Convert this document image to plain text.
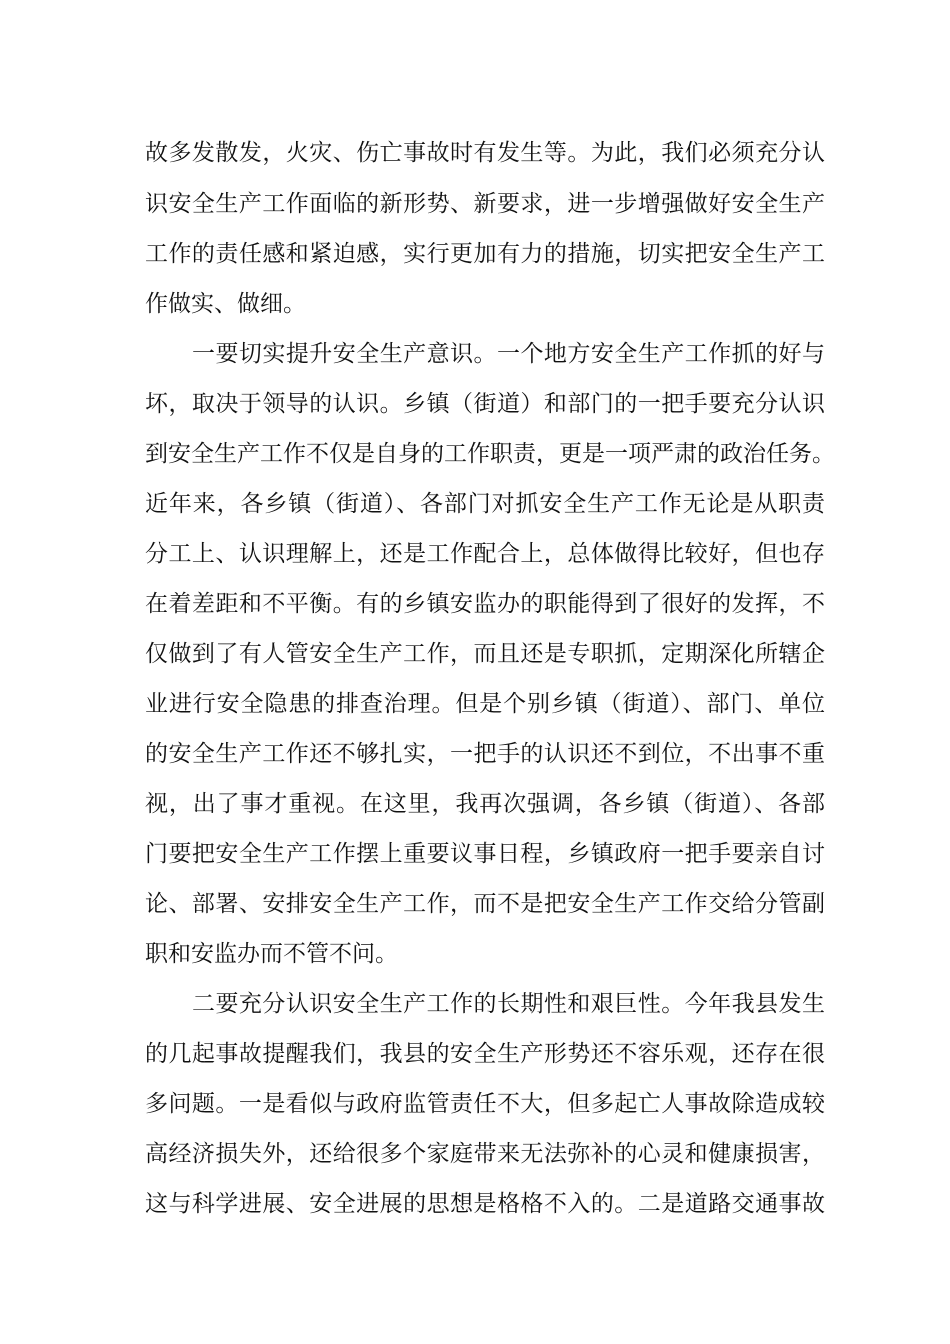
故多发散发，火灾、伤亡事故时有发生等。为此，我们必须充分认
识安全生产工作面临的新形势、新要求，进一步增强做好安全生产
工作的责任感和紧迫感，实行更加有力的措施，切实把安全生产工
作做实、做细。
一要切实提升安全生产意识。一个地方安全生产工作抓的好与
坏，取决于领导的认识。乡镇（街道）和部门的一把手要充分认识
到安全生产工作不仅是自身的工作职责，更是一项严肃的政治任务。
近年来，各乡镇（街道）、各部门对抓安全生产工作无论是从职责
分工上、认识理解上，还是工作配合上，总体做得比较好，但也存
在着差距和不平衡。有的乡镇安监办的职能得到了很好的发挥，不
仅做到了有人管安全生产工作，而且还是专职抓，定期深化所辖企
业进行安全隐患的排查治理。但是个别乡镇（街道）、部门、单位
的安全生产工作还不够扎实，一把手的认识还不到位，不出事不重
视，出了事才重视。在这里，我再次强调，各乡镇（街道）、各部
门要把安全生产工作摆上重要议事日程，乡镇政府一把手要亲自讨
论、部署、安排安全生产工作，而不是把安全生产工作交给分管副
职和安监办而不管不问。
二要充分认识安全生产工作的长期性和艰巨性。今年我县发生
的几起事故提醒我们，我县的安全生产形势还不容乐观，还存在很
多问题。一是看似与政府监管责任不大，但多起亡人事故除造成较
高经济损失外，还给很多个家庭带来无法弥补的心灵和健康损害，
这与科学进展、安全进展的思想是格格不入的。二是道路交通事故
